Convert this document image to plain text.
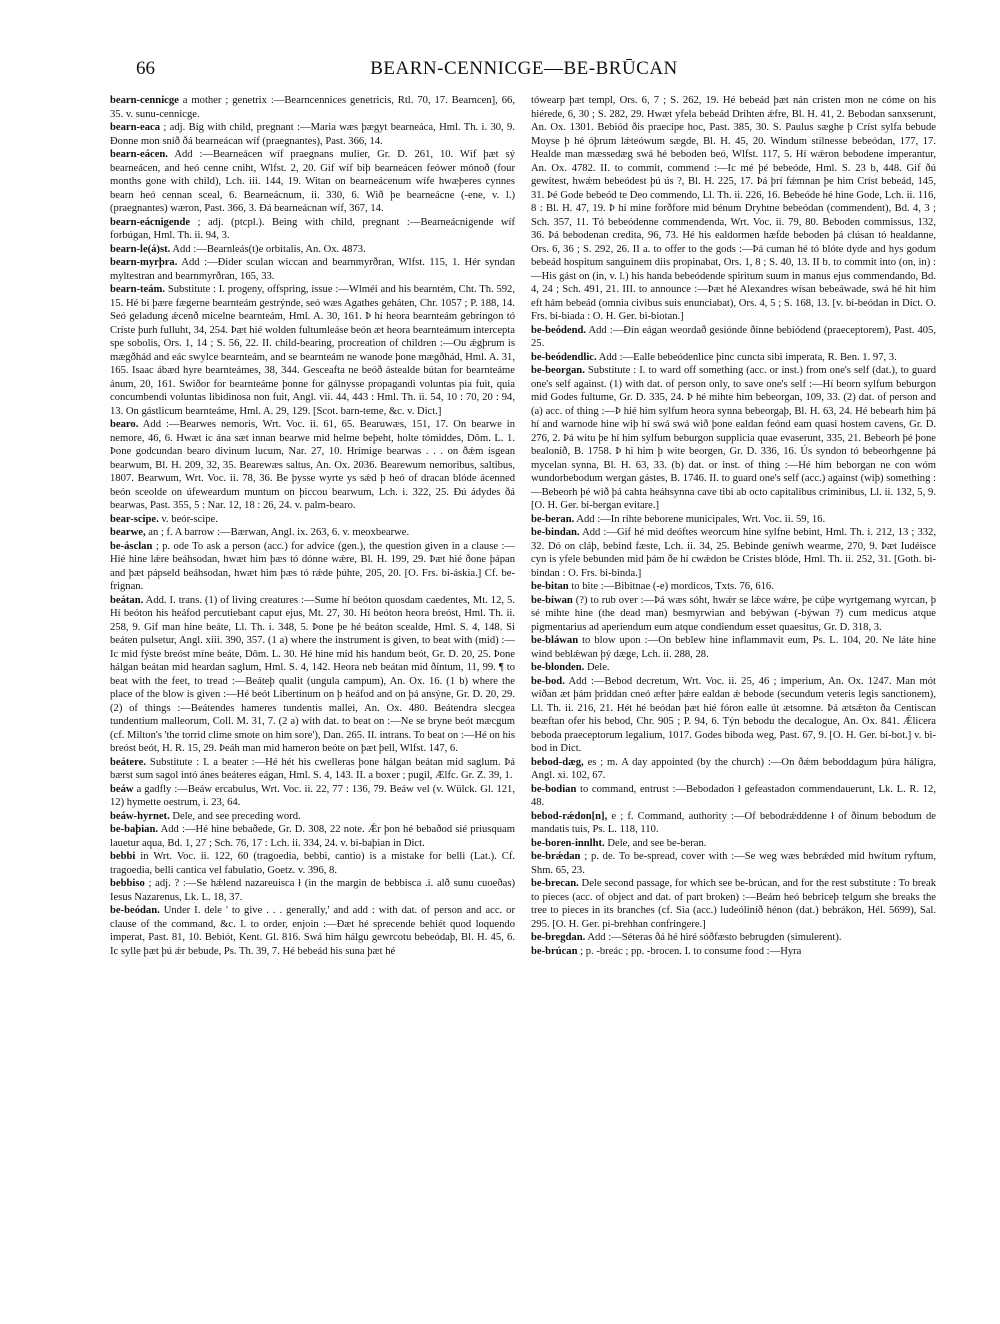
66	BEARN-CENNICGE—BE-BRŪCAN

bearn-cennicge a mother ; genetrix :—Bearncennices genetricis, Rtl. 70, 17. Bearncen], 66, 35. v. sunu-cennicge.

bearn-eaca ; adj. Big with child, pregnant :—Maria wæs þægyt bearneáca, Hml. Th. i. 30, 9. Ðonne mon sníð ðá bearneácan wíf (praegnantes), Past. 366, 14.

bearn-eácen. Add :—Bearneácen wíf praegnans mulier, Gr. D. 261, 10. Wíf þæt sý bearneácen, and heó cenne cniht, Wlfst. 2, 20. Gif wíf biþ bearneácen feówer mónoð (four months gone with child), Lch. iii. 144, 19. Witan on bearneácenum wífe hwæþeres cynnes bearn heó cennan sceal, 6. Bearneácnum, ii. 330, 6. Wið þe bearneácne (-ene, v. l.) (praegnantes) wæron, Past. 366, 3. Ðá bearneácnan wíf, 367, 14.

bearn-eácnigende ; adj. (ptcpl.). Being with child, pregnant :—Bearneácnigende wíf forbúgan, Hml. Th. ii. 94, 3.

bearn-le(á)st. Add :—Bearnleás(t)e orbitalis, An. Ox. 4873.

bearn-myrþra. Add :—Ðider sculan wiccan and bearnmyrðran, Wlfst. 115, 1. Hér syndan myltestran and bearnmyrðran, 165, 33.

bearn-teám. Substitute : I. progeny, offspring, issue :—Wlméi and his bearntém, Cht. Th. 592, 15. Hé bi þære fægerne bearnteám gestrýnde, seó wæs Agathes geháten, Chr. 1057 ; P. 188, 14. Seó geladung ǽcenð micelne bearnteám, Hml. A. 30, 161. Þ hí heora bearnteám gebringon tó Críste þurh fulluht, 34, 254. Þæt hié wolden fultumleáse beón æt heora bearnteámum intercepta spe sobolis, Ors. 1, 14 ; S. 56, 22. II. child-bearing, procreation of children :—Ou ǽgþrum is mægðhád and eác swylce bearnteám, and se bearnteám ne wanode þone mægðhád, Hml. A. 31, 165. Isaac ábæd hyre bearnteámes, 38, 344. Gesceafta ne beóð ástealde bútan for bearnteáme ánum, 20, 161. Swiðor for bearnteáme þonne for gálnysse propagandi voluntas pia fuit, quia concumbendi voluntas libidinosa non fuit, Angl. vii. 44, 443 : Hml. Th. ii. 54, 10 : 70, 20 : 94, 13. On gástlicum bearnteáme, Hml. A. 29, 129. [Scot. barn-teme, &c. v. Dict.]

bearo. Add :—Bearwes nemoris, Wrt. Voc. ii. 61, 65. Bearuwæs, 151, 17. On bearwe in nemore, 46, 6. Hwæt ic ána sæt innan bearwe mid helme beþeht, holte tómiddes, Dôm. L. 1. Þone godcundan bearo divinum lucum, Nar. 27, 10. Hrímige bearwas . . . on ðǽm ísgean bearwum, Bl. H. 209, 32, 35. Bearewæs saltus, An. Ox. 2036. Bearewum nemoribus, saltibus, 1807. Bearwum, Wrt. Voc. ii. 78, 36. Be þysse wyrte ys sǽd þ heó of dracan blóde ácenned beón sceolde on úfeweardum muntum on þiccou bearwum, Lch. i. 322, 25. Ðú ádydes ðá bearwas, Past. 355, 5 : Nar. 12, 18 : 26, 24. v. palm-bearo.

bear-scipe. v. beór-scipe.

bearwe, an ; f. A barrow :—Bærwan, Angl. ix. 263, 6. v. meoxbearwe.

be-ásclan ; p. ode To ask a person (acc.) for advice (gen.), the question given in a clause :—Hié hine lǽre beáhsodan, hwæt him þæs tó dónne wǽre, Bl. H. 199, 29. Þæt hié ðone þápan and þæt pápseld beáhsodan, hwæt him þæs tó rǽde þúhte, 205, 20. [O. Frs. bi-áskia.] Cf. be-frignan.

beátan. Add. I. trans. (1) of living creatures :—Sume hí beóton quosdam caedentes, Mt. 12, 5. Hí beóton his heáfod percutiebant caput ejus, Mt. 27, 30. Hí beóton heora breóst, Hml. Th. ii. 258, 9. Gif man hine beáte, Ll. Th. i. 348, 5. Þone þe hé beáton scealde, Hml. S. 4, 148. Si beáten pulsetur, Angl. xiii. 390, 357. (1 a) where the instrument is given, to beat with (mid) :—Ic mid fýste breóst míne beáte, Dôm. L. 30. Hé hine mid his handum beót, Gr. D. 20, 25. Þone hálgan beátan mid heardan saglum, Hml. S. 4, 142. Heora neb beátan mid ðíntum, 11, 99. ¶ to beat with the feet, to tread :—Beáteþ qualit (ungula campum), An. Ox. 16. (1 b) where the place of the blow is given :—Hé beót Libertinum on þ heáfod and on þá ansýne, Gr. D. 20, 29. (2) of things :—Beátendes hameres tundentis mallei, An. Ox. 480. Beátendra slecgea tundentium malleorum, Coll. M. 31, 7. (2 a) with dat. to beat on :—Ne se bryne beót mæcgum (cf. Milton's 'the torrid clime smote on him sore'), Dan. 265. II. intrans. To beat on :—Hé on his breóst beót, H. R. 15, 29. Þeáh man mid hameron beóte on þæt þell, Wlfst. 147, 6.

beátere. Substitute : I. a beater :—Hé hét his cwelleras þone hálgan beátan mid saglum. Þá bærst sum sagol intó ánes beáteres eágan, Hml. S. 4, 143. II. a boxer ; pugil, Ælfc. Gr. Z. 39, 1.

beáw a gadfly :—Beáw ercabulus, Wrt. Voc. ii. 22, 77 : 136, 79. Beáw vel (v. Wülck. Gl. 121, 12) hymette oestrum, i. 23, 64.

beáw-hyrnet. Dele, and see preceding word.

be-baþian. Add :—Hé hine bebaðede, Gr. D. 308, 22 note. Ǽr þon hé bebaðod sié priusquam lauetur aqua, Bd. 1, 27 ; Sch. 76, 17 : Lch. ii. 334, 24. v. bi-baþian in Dict.

bebbi in Wrt. Voc. ii. 122, 60 (tragoedia, bebbi, cantio) is a mistake for belli (Lat.). Cf. tragoedia, belli cantica vel fabulatio, Goetz. v. 396, 8.

bebbiso ; adj. ? :—Se hǽlend nazareuisca ł (in the margin de bebbisca .i. alð sunu cuoeðas) Iesus Nazarenus, Lk. L. 18, 37.

be-beódan. Under I. dele ' to give . . . generally,' and add : with dat. of person and acc. or clause of the command, &c. I. to order, enjoin :—Ðæt hé sprecende behiét quod loquendo imperat, Past. 81, 10. Bebiót, Kent. Gl. 816. Swá him hálgu gewrcotu bebeódaþ, Bl. H. 45, 6. Ic sylle þæt þú ǽr bebude, Ps. Th. 39, 7. Hé bebeád his suna þæt hé

tówearp þæt templ, Ors. 6, 7 ; S. 262, 19. Hé bebeád þæt nán cristen mon ne cóme on his hiérede, 6, 30 ; S. 282, 29. Hwæt yfela bebeád Drihten ǽfre, Bl. H. 41, 2. Bebodan sanxserunt, An. Ox. 1301. Bebiód ðis praecipe hoc, Past. 385, 30. S. Paulus sæghe þ Críst sylfa bebude Moyse þ hé óþrum lǽteówum sægde, Bl. H. 45, 20. Windum stilnesse bebeódan, 177, 17. Healde man mæssedæg swá hé beboden beó, Wlfst. 117, 5. Hí wǽron bebodene imperantur, An. Ox. 4782. II. to commit, commend :—Ic mé þé bebeóde, Hml. S. 23 b, 448. Gif ðú gewitest, hwǽm bebeódest þú ús ?, Bl. H. 225, 17. Þá þrí fǽmnan þe him Críst bebeád, 145, 31. Þé Gode bebeód te Deo commendo, Ll. Th. ii. 226, 16. Bebeóde hé hine Gode, Lch. ii. 116, 8 : Bl. H. 47, 19. Þ hí mine forðfore mid bénum Dryhtne bebeódan (commendent), Bd. 4, 3 ; Sch. 357, 11. Tó bebeódenne commendenda, Wrt. Voc. ii. 79, 80. Beboden commissus, 132, 36. Þá bebodenan credita, 96, 73. Hé his ealdormen hæfde beboden þá clúsan tó healdanne, Ors. 6, 36 ; S. 292, 26. II a. to offer to the gods :—Þá cuman hé tó blóte dyde and hys godum bebeád hospitum sanguinem diis propinabat, Ors. 1, 8 ; S. 40, 13. II b. to commit into (on, in) :—His gást on (in, v. l.) his handa bebeódende spiritum suum in manus ejus commendando, Bd. 4, 24 ; Sch. 491, 21. III. to announce :—Þæt hé Alexandres wísan bebeáwade, swá hé hit him eft hám bebeád (omnia civibus suis enunciabat), Ors. 4, 5 ; S. 168, 13. [v. bi-beódan in Dict. O. Frs. bi-biada : O. H. Ger. bi-biotan.]

be-beódend. Add :—Ðín eágan weordað gesiónde ðinne bebiódend (praeceptorem), Past. 405, 25.

be-beódendlic. Add :—Ealle bebeódenlice þinc cuncta sibi imperata, R. Ben. 1. 97, 3.

be-beorgan. Substitute : I. to ward off something (acc. or inst.) from one's self (dat.), to guard one's self against. (1) with dat. of person only, to save one's self :—Hí beorn sylfum beburgon mid Godes fultume, Gr. D. 335, 24. Þ hé mihte him bebeorgan, 109, 33. (2) dat. of person and (a) acc. of thing :—Þ hié him sylfum heora synna bebeorgaþ, Bl. H. 63, 24. Hé bebearh him þá hí and warnode hine wiþ hí swá swá wið þone ealdan feónd eam quasi hostem cavens, Gr. D. 276, 2. Þá witu þe hí him sylfum beburgon supplicia quae evaserunt, 335, 21. Bebeorh þé þone bealonið, B. 1758. Þ hi him þ wite beorgen, Gr. D. 336, 16. Ús syndon tó bebeorhgenne þá mycelan synna, Bl. H. 63, 33. (b) dat. or inst. of thing :—Hé him beborgan ne con wóm wundorbebodum wergan gástes, B. 1746. II. to guard one's self (acc.) against (wiþ) something :—Bebeorh þé wið þá cahta heáhsynna cave tibi ab octo capitalibus criminibus, Ll. ii. 132, 5, 9. [O. H. Ger. bi-bergan evitare.]

be-beran. Add :—In rihte beborene municipales, Wrt. Voc. ii. 59, 16.

be-bindan. Add :—Gif hé mid deóftes weorcum hine sylfne bebint, Hml. Th. i. 212, 13 ; 332, 32. Dó on cláþ, bebind fæste, Lch. ii. 34, 25. Bebinde geníwh wearme, 270, 9. Þæt Iudéisce cyn is yfele bebunden mid þám ðe hí cwǽdon be Cristes blóde, Hml. Th. ii. 252, 31. [Goth. bi-bindan : O. Frs. bi-binda.]

be-bitan to bite :—Bibitnae (-e) mordicos, Txts. 76, 616.

be-biwan (?) to rub over :—Þá wæs sóht, hwǽr se lǽce wǽre, þe cúþe wyrtgemang wyrcan, þ sé mihte hine (the dead man) besmyrwian and bebýwan (-býwan ?) cum medicus atque pigmentarius ad aperiendum eum atque condiendum esset quaesitus, Gr. D. 318, 3.

be-bláwan to blow upon :—On beblew hine inflammavit eum, Ps. L. 104, 20. Ne láte hine wind beblǽwan þý dæge, Lch. ii. 288, 28.

be-blonden. Dele.

be-bod. Add :—Bebod decretum, Wrt. Voc. ii. 25, 46 ; imperium, An. Ox. 1247. Man mót wiðan æt þám þriddan cneó æfter þǽre ealdan ǽ bebode (secundum veteris legis sanctionem), Ll. Th. ii. 216, 21. Hét hé beódan þæt hié fóron ealle út ætsomne. Þá ætsǽton ða Centiscan beæftan ofer his bebod, Chr. 905 ; P. 94, 6. Týn bebodu the decalogue, An. Ox. 841. Ǽlicera beboda praeceptorum legalium, 1017. Godes biboda weg, Past. 67, 9. [O. H. Ger. bi-bot.] v. bi-bod in Dict.

bebod-dæg, es ; m. A day appointed (by the church) :—On ðǽm beboddagum þúra hálígra, Angl. xi. 102, 67.

be-bodian to command, entrust :—Bebodadon ł gefeastadon commendauerunt, Lk. L. R. 12, 48.

bebod-rǽdon[n], e ; f. Command, authority :—Of bebodrǽddenne ł of ðinum bebodum de mandatis tuis, Ps. L. 118, 110.

be-boren-innlht. Dele, and see be-beran.

be-brǽdan ; p. de. To be-spread, cover with :—Se weg wæs bebrǽded mid hwítum ryftum, Shm. 65, 23.

be-brecan. Dele second passage, for which see be-brúcan, and for the rest substitute : To break to pieces (acc. of object and dat. of part broken) :—Beám heó bebriceþ telgum she breaks the tree to pieces in its branches (cf. Sia (acc.) ludeóliníð hénon (dat.) bebrákon, Hél. 5699), Sal. 295. [O. H. Ger. pi-brehhan confringere.]

be-bregdan. Add :—Séteras ðá hé hiré sóðfæsto bebrugden (simulerent).

be-brúcan ; p. -breác ; pp. -brocen. I. to consume food :—Hyra
